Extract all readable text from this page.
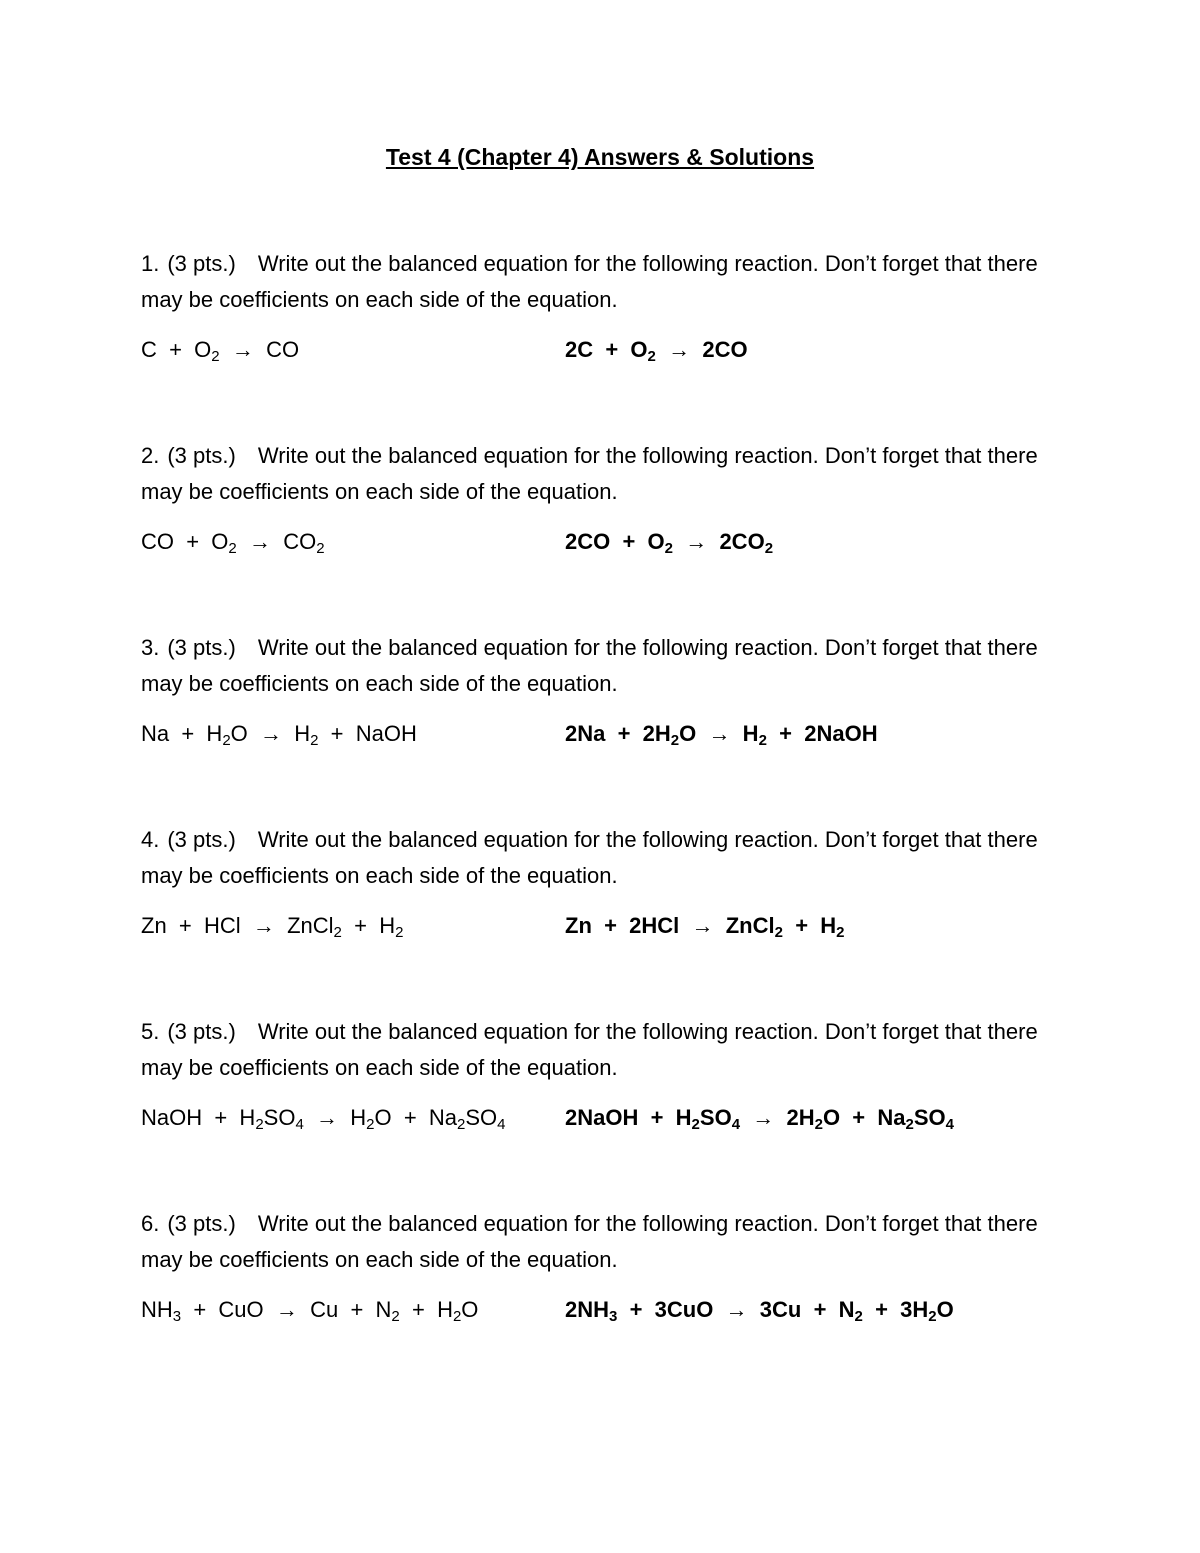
Test 4 (Chapter 4) Answers & Solutions

1. (3 pts.) Write out the balanced equation for the following reaction. Don’t forget that there may be coefficients on each side of the equation.

$C + O_2$  →  CO	$2C + O_2 \to 2CO$

2. (3 pts.) Write out the balanced equation for the following reaction. Don’t forget that there may be coefficients on each side of the equation.

CO  +  $O_2 \to CO_2$	$2CO + O_2 \to 2CO_2$

3. (3 pts.) Write out the balanced equation for the following reaction. Don’t forget that there may be coefficients on each side of the equation.

$Na + H_2O \to H_2$  +  NaOH	$2Na + 2H_2O \to H_2$  +  2NaOH

4. (3 pts.) Write out the balanced equation for the following reaction. Don’t forget that there may be coefficients on each side of the equation.

Zn  +  HCl  →  ZnCl$_2$  +  $H_2$	Zn  +  2HCl  →  ZnCl$_2$  +  $H_2$

5. (3 pts.) Write out the balanced equation for the following reaction. Don’t forget that there may be coefficients on each side of the equation.

NaOH  +  $H_2SO_4 \to H_2O + Na_2SO_4$	2NaOH  +  $H_2SO_4 \to 2H_2O + Na_2SO_4$

6. (3 pts.) Write out the balanced equation for the following reaction. Don’t forget that there may be coefficients on each side of the equation.

$NH_3$  +  CuO  →  $Cu + N_2 + H_2O$	$2NH_3 + 3CuO \to 3Cu + N_2 + 3H_2O$
